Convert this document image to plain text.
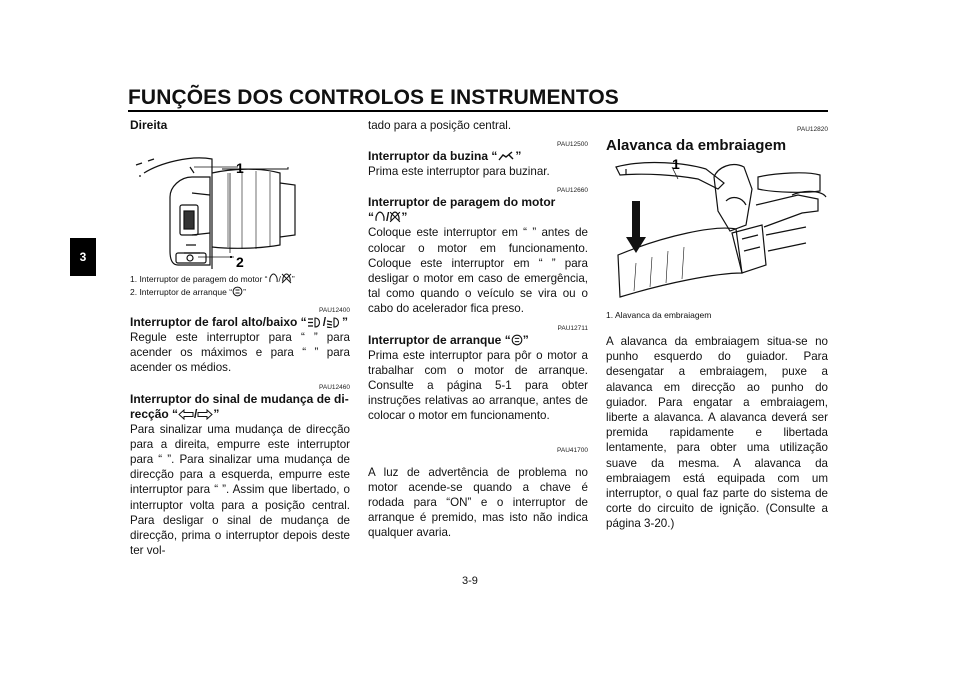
FUNÇÕES DOS CONTROLOS E INSTRUMENTOS
3
Direita
1
2

1. Interruptor de paragem do motor “ / ”

2. Interruptor de arranque “ ”

PAU12400

Interruptor de farol alto/baixo “ / ”

Regule este interruptor para “ ” para acender os máximos e para “ ” para acender os médios.

PAU12460

Interruptor do sinal de mudança de di-
recção “ / ”

Para sinalizar uma mudança de direcção para a direita, empurre este interruptor para “ ”. Para sinalizar uma mudança de direcção para a esquerda, empurre este interruptor para “ ”. Assim que libertado, o interruptor volta para a posição central. Para desligar o sinal de mudança de direcção, prima o interruptor depois deste ter vol-

tado para a posição central.

PAU12500

Interruptor da buzina “ ”

Prima este interruptor para buzinar.

PAU12660

Interruptor de paragem do motor
“ / ”

Coloque este interruptor em “ ” antes de colocar o motor em funcionamento. Coloque este interruptor em “ ” para desligar o motor em caso de emergência, tal como quando o veículo se vira ou o cabo do acelerador fica preso.

PAU12711

Interruptor de arranque “ ”

Prima este interruptor para pôr o motor a trabalhar com o motor de arranque. Consulte a página 5-1 para obter instruções relativas ao arranque, antes de colocar o motor em funcionamento.

PAU41700

A luz de advertência de problema no motor acende-se quando a chave é rodada para “ON” e o interruptor de arranque é premido, mas isto não indica qualquer avaria.

PAU12820

Alavanca da embraiagem

1

1. Alavanca da embraiagem

A alavanca da embraiagem situa-se no punho esquerdo do guiador. Para desengatar a embraiagem, puxe a alavanca em direcção ao punho do guiador. Para engatar a embraiagem, liberte a alavanca. A alavanca deverá ser premida rapidamente e libertada lentamente, para obter uma utilização suave da mesma. A alavanca da embraiagem está equipada com um interruptor, o qual faz parte do sistema de corte do circuito de ignição. (Consulte a página 3-20.)

3-9
